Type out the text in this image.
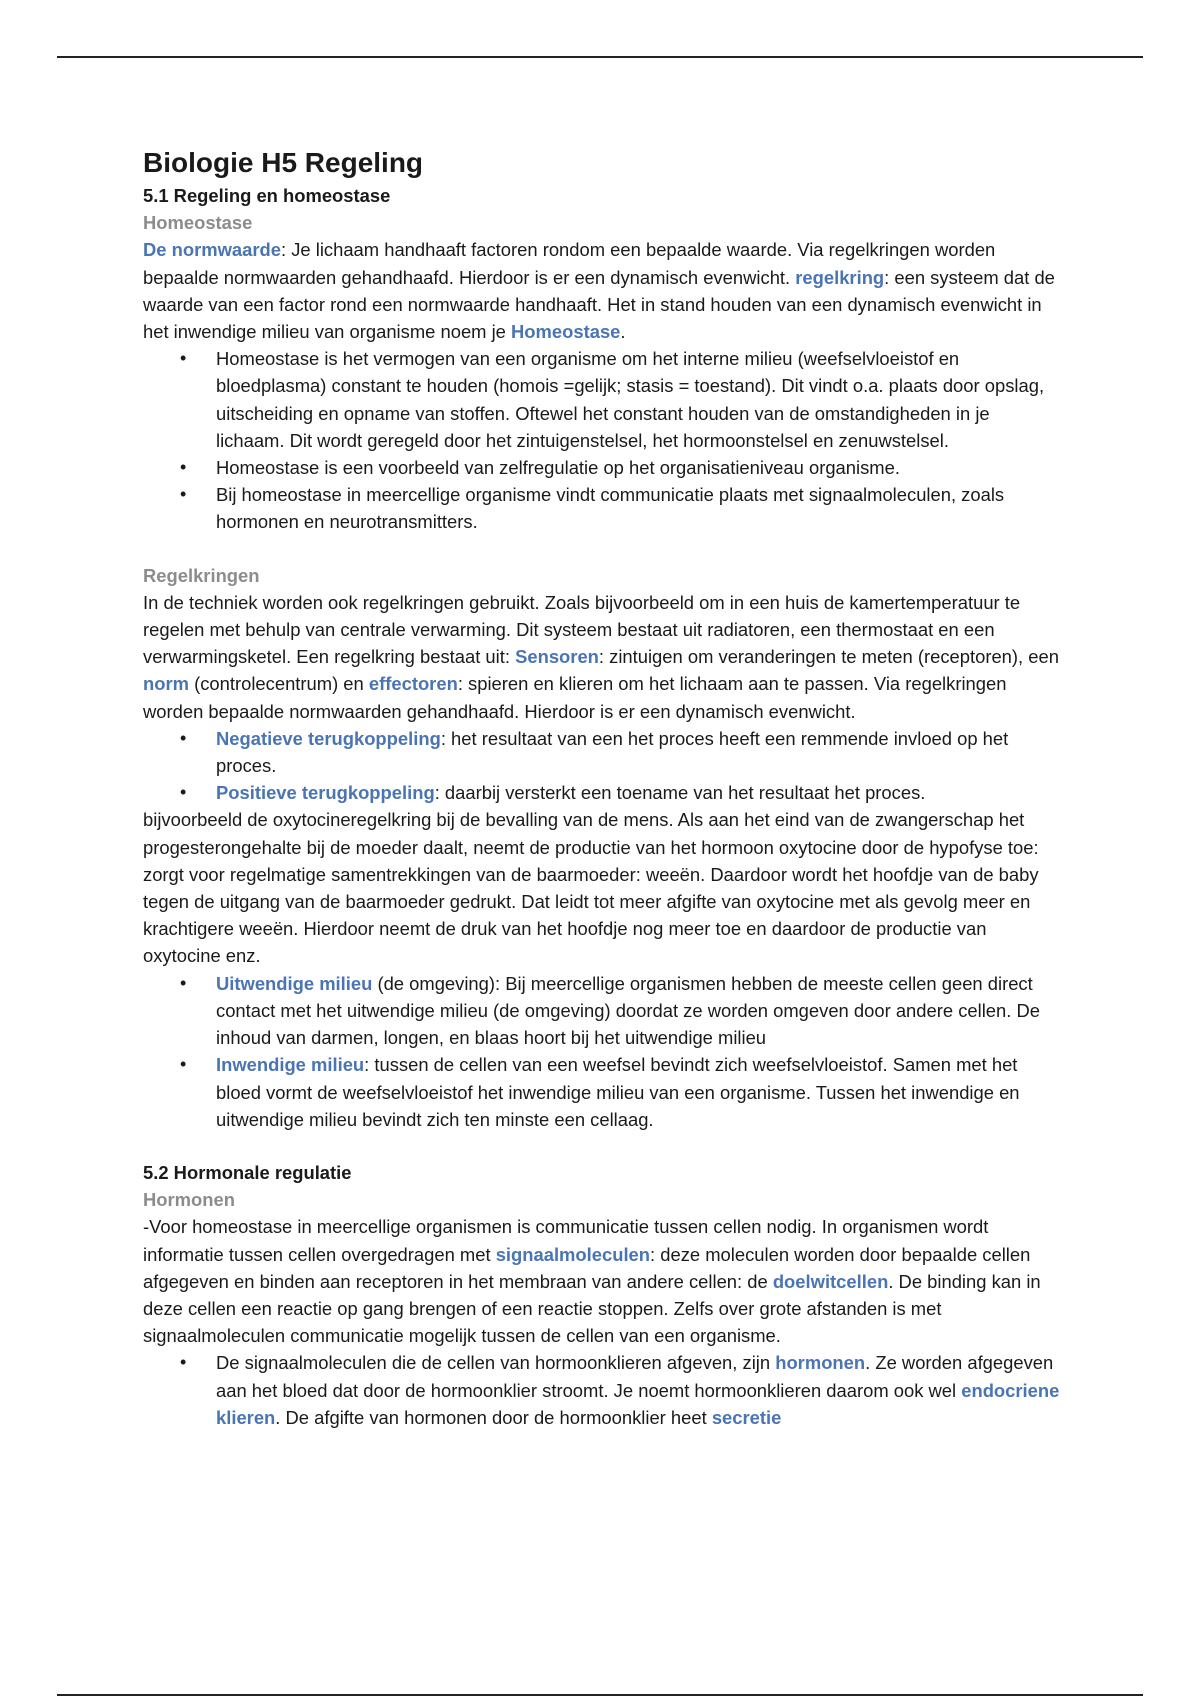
Biologie H5 Regeling
5.1 Regeling en homeostase
Homeostase

De normwaarde: Je lichaam handhaaft factoren rondom een bepaalde waarde. Via regelkringen worden bepaalde normwaarden gehandhaafd. Hierdoor is er een dynamisch evenwicht. regelkring: een systeem dat de waarde van een factor rond een normwaarde handhaaft. Het in stand houden van een dynamisch evenwicht in het inwendige milieu van organisme noem je Homeostase.

• Homeostase is het vermogen van een organisme om het interne milieu (weefselvloeistof en bloedplasma) constant te houden (homois =gelijk; stasis = toestand). Dit vindt o.a. plaats door opslag, uitscheiding en opname van stoffen. Oftewel het constant houden van de omstandigheden in je lichaam. Dit wordt geregeld door het zintuigenstelsel, het hormoonstelsel en zenuwstelsel.
• Homeostase is een voorbeeld van zelfregulatie op het organisatieniveau organisme.
• Bij homeostase in meercellige organisme vindt communicatie plaats met signaalmoleculen, zoals hormonen en neurotransmitters.
Regelkringen

In de techniek worden ook regelkringen gebruikt. Zoals bijvoorbeeld om in een huis de kamertemperatuur te regelen met behulp van centrale verwarming. Dit systeem bestaat uit radiatoren, een thermostaat en een verwarmingsketel. Een regelkring bestaat uit: Sensoren: zintuigen om veranderingen te meten (receptoren), een norm (controlecentrum) en effectoren: spieren en klieren om het lichaam aan te passen. Via regelkringen worden bepaalde normwaarden gehandhaafd. Hierdoor is er een dynamisch evenwicht.

• Negatieve terugkoppeling: het resultaat van een het proces heeft een remmende invloed op het proces.
• Positieve terugkoppeling: daarbij versterkt een toename van het resultaat het proces.

bijvoorbeeld de oxytocineregelkring bij de bevalling van de mens. Als aan het eind van de zwangerschap het progesterongehalte bij de moeder daalt, neemt de productie van het hormoon oxytocine door de hypofyse toe: zorgt voor regelmatige samentrekkingen van de baarmoeder: weeën. Daardoor wordt het hoofdje van de baby tegen de uitgang van de baarmoeder gedrukt. Dat leidt tot meer afgifte van oxytocine met als gevolg meer en krachtigere weeën. Hierdoor neemt de druk van het hoofdje nog meer toe en daardoor de productie van oxytocine enz.

• Uitwendige milieu (de omgeving): Bij meercellige organismen hebben de meeste cellen geen direct contact met het uitwendige milieu (de omgeving) doordat ze worden omgeven door andere cellen. De inhoud van darmen, longen, en blaas hoort bij het uitwendige milieu
• Inwendige milieu: tussen de cellen van een weefsel bevindt zich weefselvloeistof. Samen met het bloed vormt de weefselvloeistof het inwendige milieu van een organisme. Tussen het inwendige en uitwendige milieu bevindt zich ten minste een cellaag.
5.2 Hormonale regulatie
Hormonen

-Voor homeostase in meercellige organismen is communicatie tussen cellen nodig. In organismen wordt informatie tussen cellen overgedragen met signaalmoleculen: deze moleculen worden door bepaalde cellen afgegeven en binden aan receptoren in het membraan van andere cellen: de doelwitcellen. De binding kan in deze cellen een reactie op gang brengen of een reactie stoppen. Zelfs over grote afstanden is met signaalmoleculen communicatie mogelijk tussen de cellen van een organisme.

• De signaalmoleculen die de cellen van hormoonklieren afgeven, zijn hormonen. Ze worden afgegeven aan het bloed dat door de hormoonklier stroomt. Je noemt hormoonklieren daarom ook wel endocriene klieren. De afgifte van hormonen door de hormoonklier heet secretie
